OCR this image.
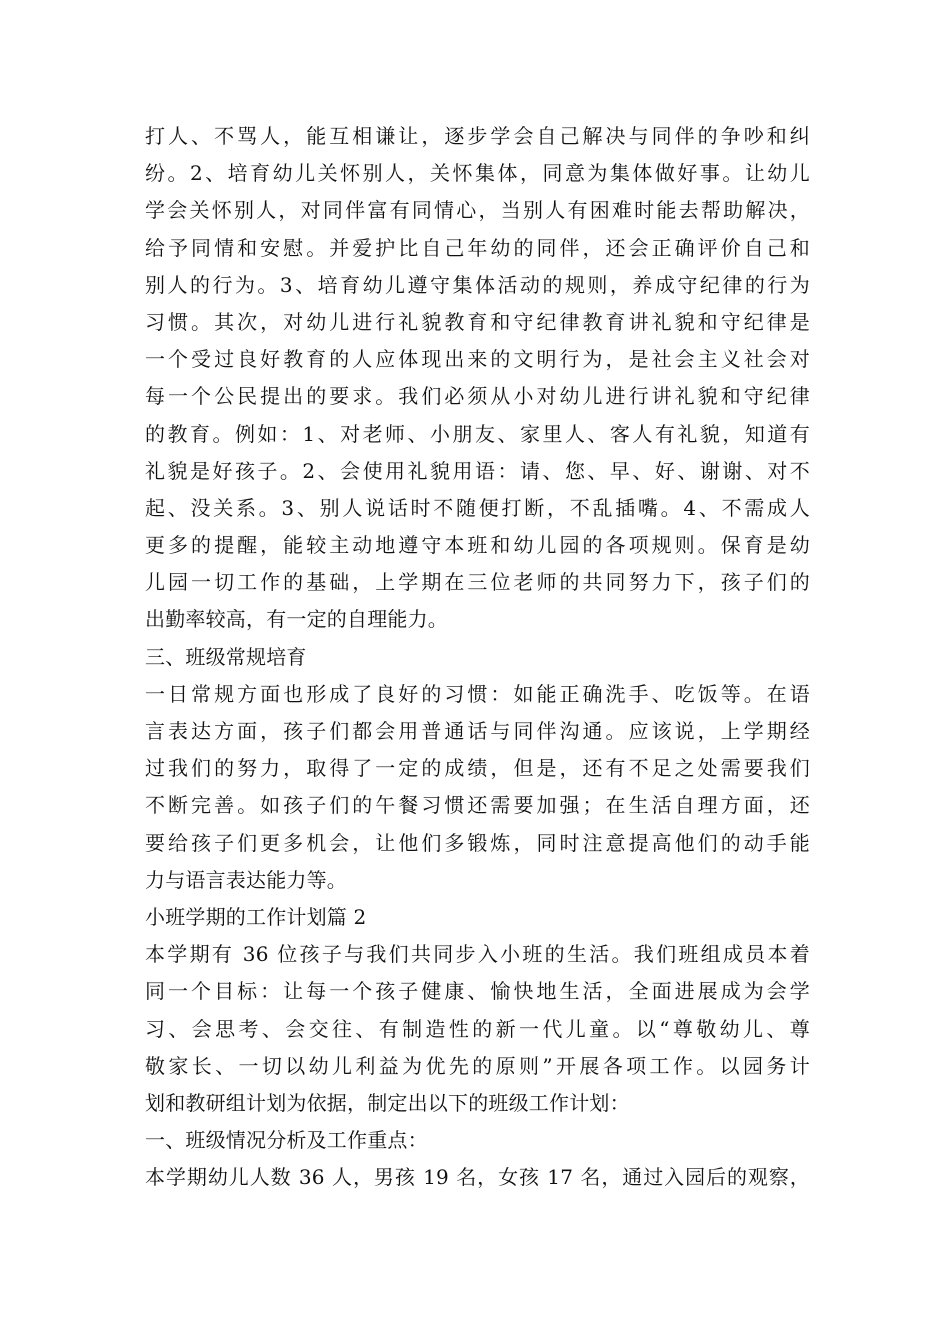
打人、不骂人，能互相谦让，逐步学会自己解决与同伴的争吵和纠
纷。2、培育幼儿关怀别人，关怀集体，同意为集体做好事。让幼儿
学会关怀别人，对同伴富有同情心，当别人有困难时能去帮助解决，
给予同情和安慰。并爱护比自己年幼的同伴，还会正确评价自己和
别人的行为。3、培育幼儿遵守集体活动的规则，养成守纪律的行为
习惯。其次，对幼儿进行礼貌教育和守纪律教育讲礼貌和守纪律是
一个受过良好教育的人应体现出来的文明行为，是社会主义社会对
每一个公民提出的要求。我们必须从小对幼儿进行讲礼貌和守纪律
的教育。例如：1、对老师、小朋友、家里人、客人有礼貌，知道有
礼貌是好孩子。2、会使用礼貌用语：请、您、早、好、谢谢、对不
起、没关系。3、别人说话时不随便打断，不乱插嘴。4、不需成人
更多的提醒，能较主动地遵守本班和幼儿园的各项规则。保育是幼
儿园一切工作的基础，上学期在三位老师的共同努力下，孩子们的
出勤率较高，有一定的自理能力。
三、班级常规培育
一日常规方面也形成了良好的习惯：如能正确洗手、吃饭等。在语
言表达方面，孩子们都会用普通话与同伴沟通。应该说，上学期经
过我们的努力，取得了一定的成绩，但是，还有不足之处需要我们
不断完善。如孩子们的午餐习惯还需要加强；在生活自理方面，还
要给孩子们更多机会，让他们多锻炼，同时注意提高他们的动手能
力与语言表达能力等。
小班学期的工作计划篇 2
本学期有 36 位孩子与我们共同步入小班的生活。我们班组成员本着
同一个目标：让每一个孩子健康、愉快地生活，全面进展成为会学
习、会思考、会交往、有制造性的新一代儿童。以“尊敬幼儿、尊
敬家长、一切以幼儿利益为优先的原则”开展各项工作。以园务计
划和教研组计划为依据，制定出以下的班级工作计划：
一、班级情况分析及工作重点：
本学期幼儿人数 36 人，男孩 19 名，女孩 17 名，通过入园后的观察，
